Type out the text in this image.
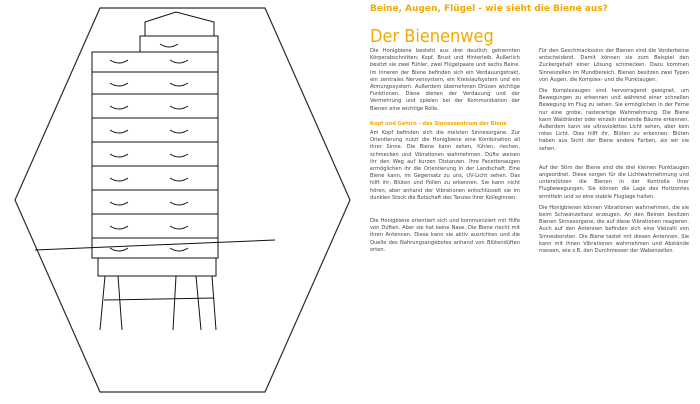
Beine, Augen, Flügel - wie sieht die Biene aus?
Der Bienenweg

Die Honigbiene besteht aus drei deutlich getrennten Körperabschnitten: Kopf, Brust und Hinterleib. Äußerlich besitzt sie zwei Fühler, zwei Flügelpaare und sechs Beine. Im Inneren der Biene befinden sich ein Verdauungstrakt, ein zentrales Nervensystem, ein Kreislaufsystem und ein Atmungssystem. Außerdem übernehmen Drüsen wichtige Funktionen. Diese dienen der Verdauung und der Vermehrung und spielen bei der Kommunikation der Bienen eine wichtige Rolle.

Kopf und Gehirn - das Sinneszentrum der Biene

Am Kopf befinden sich die meisten Sinnesorgane. Zur Orientierung nutzt die Honigbiene eine Kombination all ihrer Sinne. Die Biene kann sehen, fühlen, riechen, schmecken und Vibrationen wahrnehmen. Düfte weisen ihr den Weg auf kurzen Distanzen. Ihre Facettenaugen ermöglichen ihr die Orientierung in der Landschaft. Eine Biene kann, im Gegensatz zu uns, UV-Licht sehen. Das hilft ihr, Blüten und Pollen zu erkennen. Sie kann nicht hören, aber anhand der Vibrationen entschlüsselt sie im dunklen Stock die Botschaft des Tanzes ihrer Kolleginnen.

Die Honigbiene orientiert sich und kommuniziert mit Hilfe von Düften. Aber sie hat keine Nase. Die Biene riecht mit ihren Antennen. Diese kann sie aktiv ausrichten und die Quelle des Nahrungsangebotes anhand von Blütendüften orten.

Für den Geschmackssinn der Bienen sind die Vorderbeine entscheidend. Damit können sie zum Beispiel den Zuckergehalt einer Lösung schmecken. Dazu kommen Sinneszellen im Mundbereich. Bienen besitzen zwei Typen von Augen, die Komplex- und die Punktaugen.

Die Komplexaugen sind hervorragend geeignet, um Bewegungen zu erkennen und während einer schnellen Bewegung im Flug zu sehen. Sie ermöglichen in der Ferne nur eine grobe, rasterartige Wahrnehmung. Die Biene kann Waldränder oder einzeln stehende Bäume erkennen. Außerdem kann sie ultraviolettes Licht sehen, aber kein rotes Licht. Dies hilft ihr, Blüten zu erkennen. Blüten haben aus Sicht der Biene andere Farben, als wir sie sehen.

Auf der Stirn der Biene sind die drei kleinen Punktaugen angeordnet. Diese sorgen für die Lichtwahrnehmung und unterstützen die Bienen in der Kontrolle ihrer Flugbewegungen. Sie können die Lage des Horizontes ermitteln und so eine stabile Fluglage halten.

Die Honigbienen können Vibrationen wahrnehmen, die sie beim Schwänzeltanz erzeugen. An den Beinen besitzen Bienen Sinnesorgane, die auf diese Vibrationen reagieren. Auch auf den Antennen befinden sich eine Vielzahl von Sinnesborsten. Die Biene tastet mit diesen Antennen. Sie kann mit ihnen Vibrationen wahrnehmen und Abstände messen, wie z.B. den Durchmesser der Wabenzellen.
